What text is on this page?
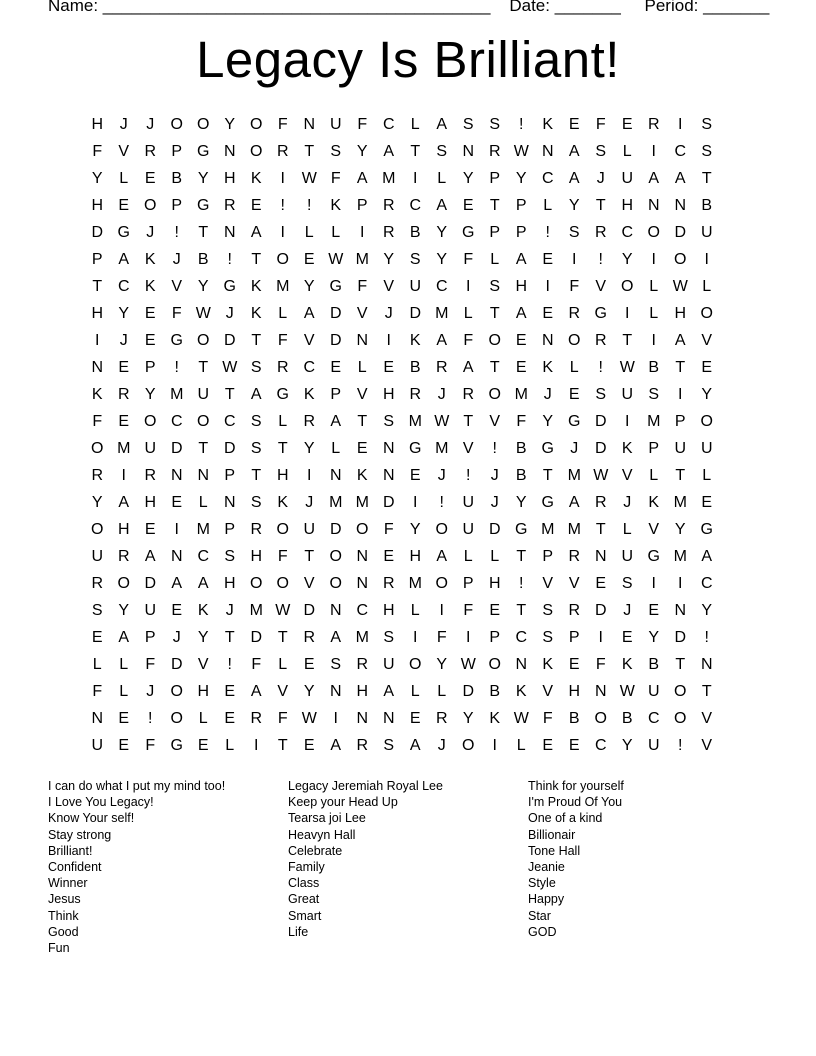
Name: _________________________________________ Date: _______ Period: _______
Legacy Is Brilliant!
H	J	J	O O Y O F N U F C	L	A S S	!	K E	F	E R	I	S
F	V R P G N O R T	S Y A	T	S N R W N A S	L	I	C S
Y	L	E B Y H K	I	W F	A M	I	L	Y P Y C A	J	U A A	T
H E O P G R E	!	!	K P R C A E	T	P	L	Y	T H N N B
D G	J	!	T N A	I	L	L	I	R B Y G P P	!	S R C O D U
P A K	J	B	!	T O E W M Y S Y	F	L	A E	I	!	Y	I	O	I
T C K V Y G K M Y G F	V U C	I	S H	I	F	V O L W L
H Y E	F W J	K	L	A D V	J	D M L	T	A E R G	I	L	H O
I	J	E G O D T	F	V D N	I	K A	F O E N O R T	I	A V
N E P	!	T W S R C E	L	E B R A	T	E K	L	!	W B	T	E
K R Y M U T	A G K P V H R	J	R O M J	E S U S	I	Y
F	E O C O C S	L	R A	T	S M W T	V	F	Y G D	I	M P O
O M U D T D S	T	Y	L	E N G M V	!	B G	J	D K P U U
R	I	R N N P	T H	I	N K N E	J	!	J	B	T M W V	L	T	L
Y A H E	L	N S K	J M M D	I	!	U	J	Y G A R	J	K M E
O H E	I	M P R O U D O F	Y O U D G M M T	L	V Y G
U R A N C S H F	T O N E H A	L	L	T	P R N U G M A
R O D A A H O O V O N R M O P H	!	V V E S	I	I	C
S Y U E K	J M W D N C H	L	I	F	E	T	S R D	J	E N Y
E A P	J	Y	T D T R A M S	I	F	I	P C S P	I	E Y D	!
L	L	F D V	!	F	L	E S R U O Y W O N K E	F	K B	T N
F	L	J	O H E A V Y N H A	L	L	D B K V H N W U O T
N E	!	O L	E R F W	I	N N E R Y K W F	B O B C O V
U E	F G E	L	I	T	E A R S A	J	O	I	L	E E C Y U	!	V
I can do what I put my mind too!
I Love You Legacy!
Know Your self!
Stay strong
Brilliant!
Confident
Winner
Jesus
Think
Good
Fun
Legacy Jeremiah Royal Lee
Keep your Head Up
Tearsa joi Lee
Heavyn Hall
Celebrate
Family
Class
Great
Smart
Life
Think for yourself
I'm Proud Of You
One of a kind
Billionair
Tone Hall
Jeanie
Style
Happy
Star
GOD
